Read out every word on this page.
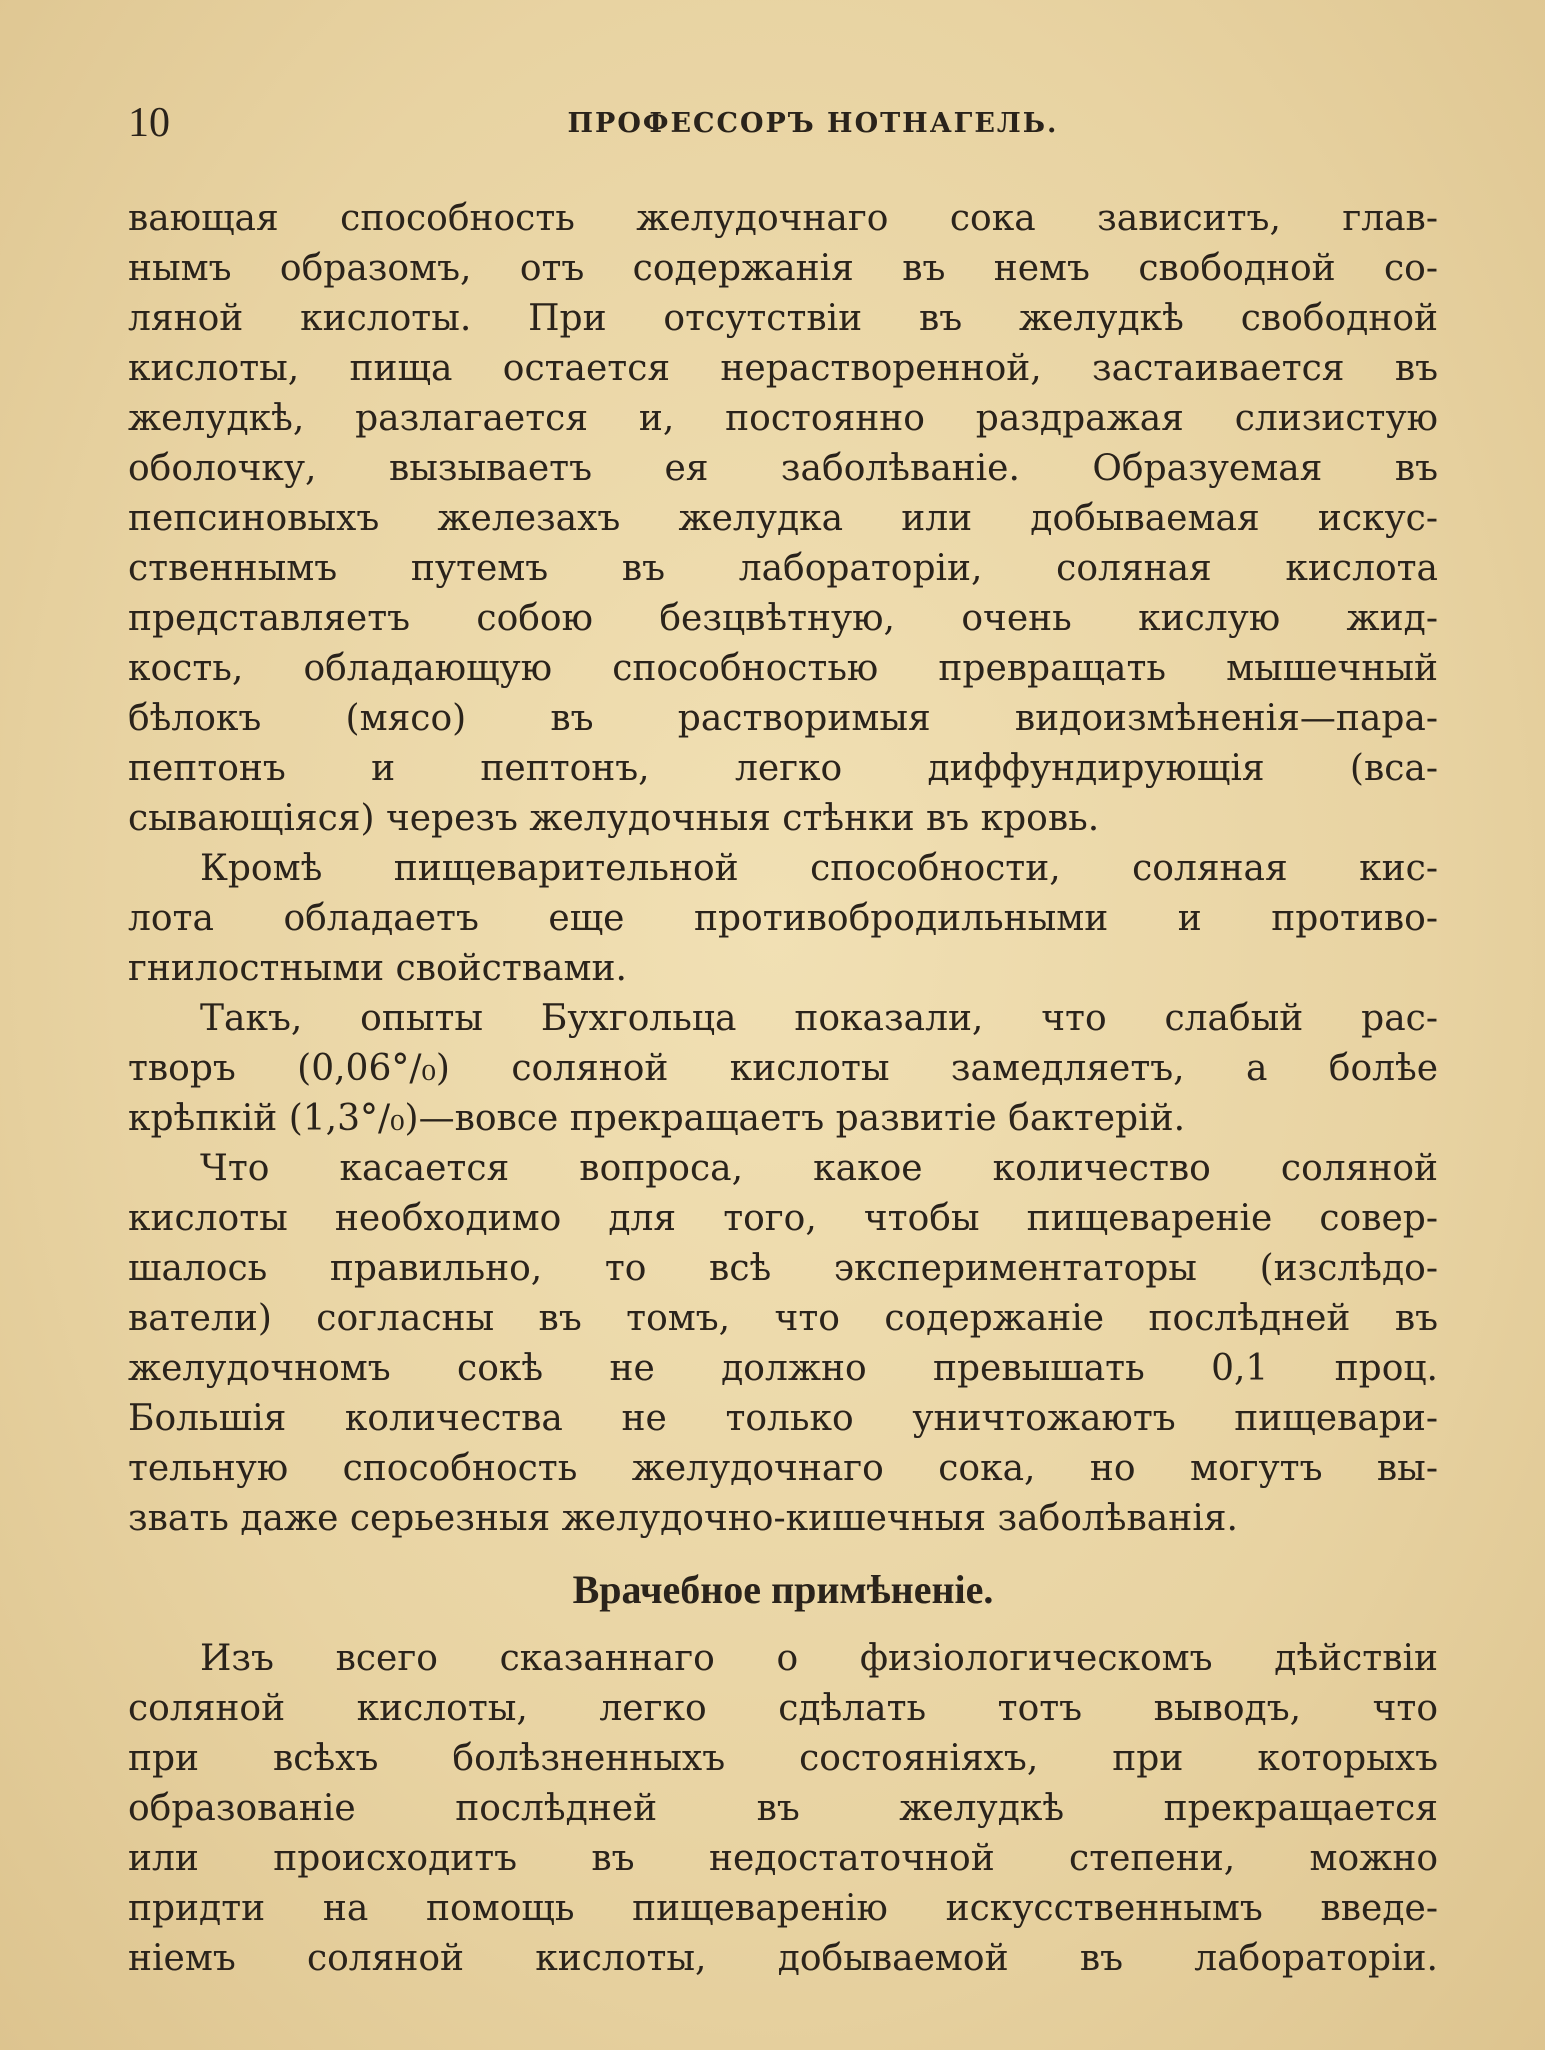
10	ПРОФЕССОРЪ НОТНАГЕЛЬ.
вающая способность желудочнаго сока зависитъ, глав-
нымъ образомъ, отъ содержанія въ немъ свободной со-
ляной кислоты. При отсутствіи въ желудкѣ свободной
кислоты, пища остается нерастворенной, застаивается въ
желудкѣ, разлагается и, постоянно раздражая слизистую
оболочку, вызываетъ ея заболѣваніе. Образуемая въ
пепсиновыхъ железахъ желудка или добываемая искус-
ственнымъ путемъ въ лабораторіи, соляная кислота
представляетъ собою безцвѣтную, очень кислую жид-
кость, обладающую способностью превращать мышечный
бѣлокъ (мясо) въ растворимыя видоизмѣненія—пара-
пептонъ и пептонъ, легко диффундирующія (вса-
сывающіяся) черезъ желудочныя стѣнки въ кровь.
Кромѣ пищеварительной способности, соляная кис-
лота обладаетъ еще противобродильными и противо-
гнилостными свойствами.
Такъ, опыты Бухгольца показали, что слабый рас-
творъ (0,06°/₀) соляной кислоты замедляетъ, а болѣе
крѣпкій (1,3°/₀)—вовсе прекращаетъ развитіе бактерій.
Что касается вопроса, какое количество соляной
кислоты необходимо для того, чтобы пищевареніе совер-
шалось правильно, то всѣ экспериментаторы (изслѣдо-
ватели) согласны въ томъ, что содержаніе послѣдней въ
желудочномъ сокѣ не должно превышать 0,1 проц.
Большія количества не только уничтожаютъ пищевари-
тельную способность желудочнаго сока, но могутъ вы-
звать даже серьезныя желудочно-кишечныя заболѣванія.
Врачебное примѣненіе.
Изъ всего сказаннаго о физіологическомъ дѣйствіи
соляной кислоты, легко сдѣлать тотъ выводъ, что
при всѣхъ болѣзненныхъ состояніяхъ, при которыхъ
образованіе послѣдней въ желудкѣ прекращается
или происходитъ въ недостаточной степени, можно
придти на помощь пищеваренію искусственнымъ введе-
ніемъ соляной кислоты, добываемой въ лабораторіи.
